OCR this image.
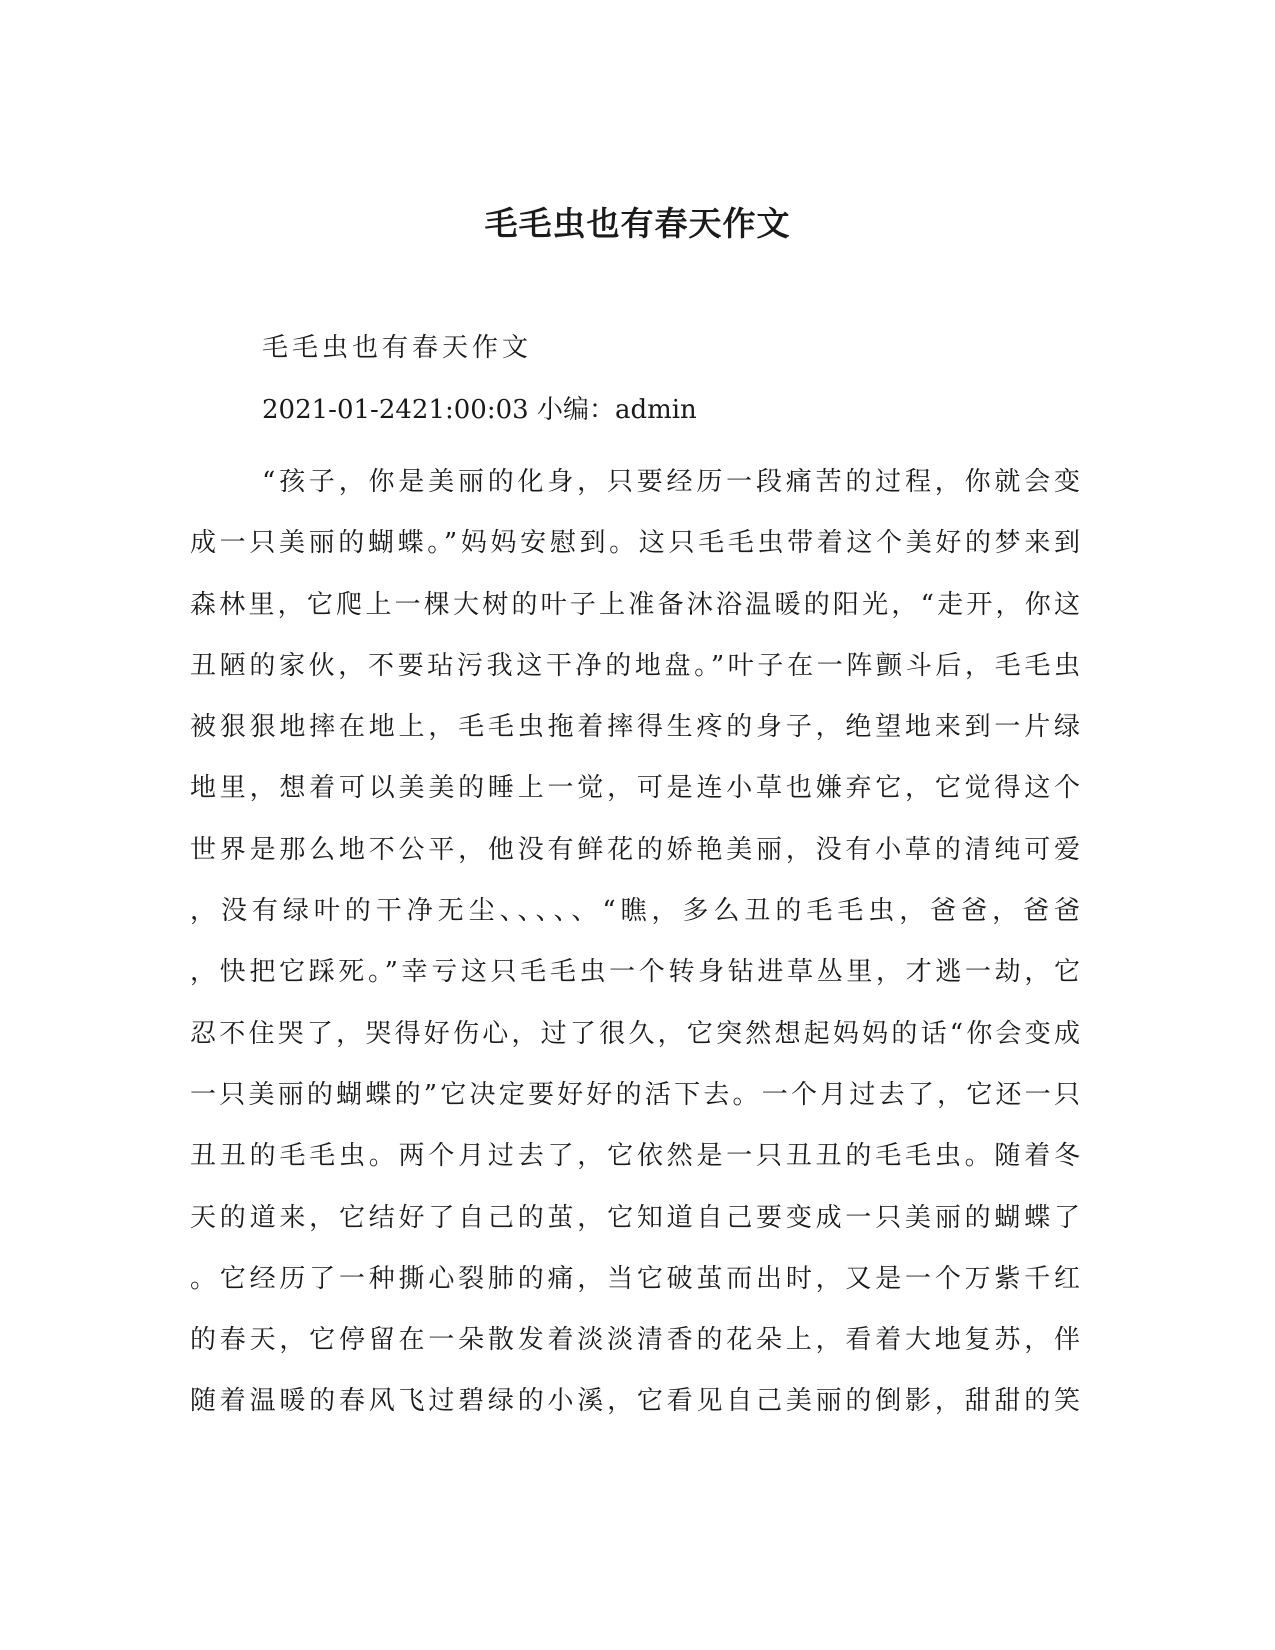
毛毛虫也有春天作文

毛毛虫也有春天作文

2021-01-2421:00:03 小编：admin

“孩子，你是美丽的化身，只要经历一段痛苦的过程，你就会变
成一只美丽的蝴蝶。”妈妈安慰到。这只毛毛虫带着这个美好的梦来到
森林里，它爬上一棵大树的叶子上准备沐浴温暖的阳光，“走开，你这
丑陋的家伙，不要玷污我这干净的地盘。”叶子在一阵颤斗后，毛毛虫
被狠狠地摔在地上，毛毛虫拖着摔得生疼的身子，绝望地来到一片绿
地里，想着可以美美的睡上一觉，可是连小草也嫌弃它，它觉得这个
世界是那么地不公平，他没有鲜花的娇艳美丽，没有小草的清纯可爱
，没有绿叶的干净无尘、、、、、“瞧，多么丑的毛毛虫，爸爸，爸爸
，快把它踩死。”幸亏这只毛毛虫一个转身钻进草丛里，才逃一劫，它
忍不住哭了，哭得好伤心，过了很久，它突然想起妈妈的话“你会变成
一只美丽的蝴蝶的”它决定要好好的活下去。一个月过去了，它还一只
丑丑的毛毛虫。两个月过去了，它依然是一只丑丑的毛毛虫。随着冬
天的道来，它结好了自己的茧，它知道自己要变成一只美丽的蝴蝶了
。它经历了一种撕心裂肺的痛，当它破茧而出时，又是一个万紫千红
的春天，它停留在一朵散发着淡淡清香的花朵上，看着大地复苏，伴
随着温暖的春风飞过碧绿的小溪，它看见自己美丽的倒影，甜甜的笑
